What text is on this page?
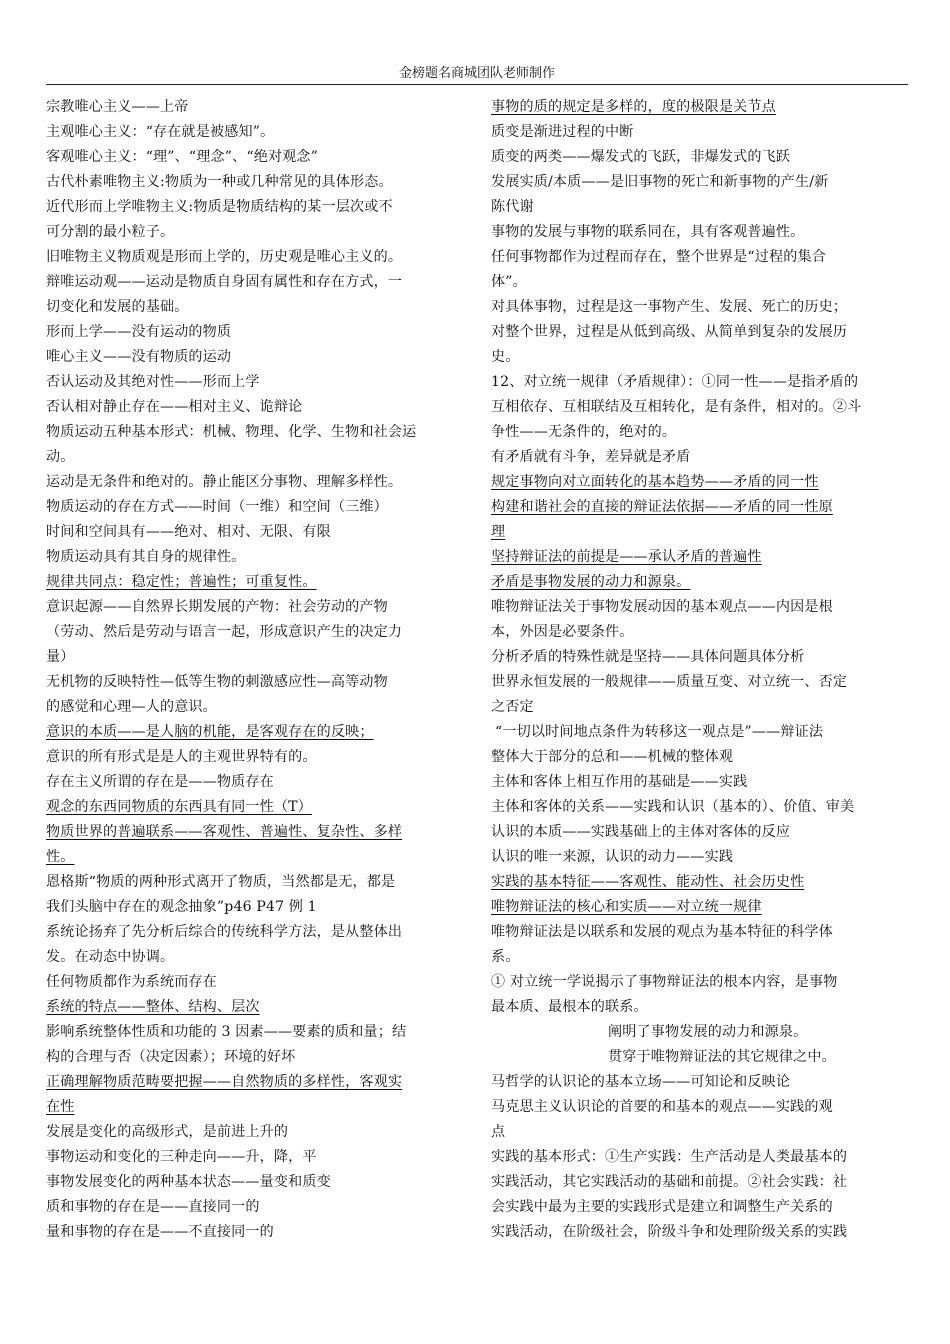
金榜题名商城团队老师制作
宗教唯心主义——上帝
主观唯心主义：“存在就是被感知”。
客观唯心主义：“理”、“理念”、“绝对观念”
古代朴素唯物主义:物质为一种或几种常见的具体形态。
近代形而上学唯物主义:物质是物质结构的某一层次或不
可分割的最小粒子。
旧唯物主义物质观是形而上学的，历史观是唯心主义的。
辩唯运动观——运动是物质自身固有属性和存在方式，一
切变化和发展的基础。
形而上学——没有运动的物质
唯心主义——没有物质的运动
否认运动及其绝对性——形而上学
否认相对静止存在——相对主义、诡辩论
物质运动五种基本形式：机械、物理、化学、生物和社会运
动。
运动是无条件和绝对的。静止能区分事物、理解多样性。
物质运动的存在方式——时间（一维）和空间（三维）
时间和空间具有——绝对、相对、无限、有限
物质运动具有其自身的规律性。
规律共同点：稳定性；普遍性；可重复性。
意识起源——自然界长期发展的产物：社会劳动的产物
（劳动、然后是劳动与语言一起，形成意识产生的决定力
量）
无机物的反映特性—低等生物的刺激感应性—高等动物
的感觉和心理—人的意识。
意识的本质——是人脑的机能，是客观存在的反映；
意识的所有形式是是人的主观世界特有的。
存在主义所谓的存在是——物质存在
观念的东西同物质的东西具有同一性（T）
物质世界的普遍联系——客观性、普遍性、复杂性、多样
性。
恩格斯“物质的两种形式离开了物质，当然都是无，都是
我们头脑中存在的观念抽象”p46 P47 例 1
系统论扬弃了先分析后综合的传统科学方法，是从整体出
发。在动态中协调。
任何物质都作为系统而存在
系统的特点——整体、结构、层次
影响系统整体性质和功能的 3 因素——要素的质和量；结
构的合理与否（决定因素）；环境的好坏
正确理解物质范畴要把握——自然物质的多样性，客观实
在性
发展是变化的高级形式，是前进上升的
事物运动和变化的三种走向——升，降，平
事物发展变化的两种基本状态——量变和质变
质和事物的存在是——直接同一的
量和事物的存在是——不直接同一的
事物的质的规定是多样的，度的极限是关节点
质变是渐进过程的中断
质变的两类——爆发式的飞跃，非爆发式的飞跃
发展实质/本质——是旧事物的死亡和新事物的产生/新
陈代谢
事物的发展与事物的联系同在，具有客观普遍性。
任何事物都作为过程而存在，整个世界是“过程的集合
体”。
对具体事物，过程是这一事物产生、发展、死亡的历史；
对整个世界，过程是从低到高级、从简单到复杂的发展历
史。
12、对立统一规律（矛盾规律）：①同一性——是指矛盾的
互相依存、互相联结及互相转化，是有条件，相对的。②斗
争性——无条件的，绝对的。
有矛盾就有斗争，差异就是矛盾
规定事物向对立面转化的基本趋势——矛盾的同一性
构建和谐社会的直接的辩证法依据——矛盾的同一性原
理
坚持辩证法的前提是——承认矛盾的普遍性
矛盾是事物发展的动力和源泉。
唯物辩证法关于事物发展动因的基本观点——内因是根
本，外因是必要条件。
分析矛盾的特殊性就是坚持——具体问题具体分析
世界永恒发展的一般规律——质量互变、对立统一、否定
之否定
“一切以时间地点条件为转移这一观点是”——辩证法
整体大于部分的总和——机械的整体观
主体和客体上相互作用的基础是——实践
主体和客体的关系——实践和认识（基本的）、价值、审美
认识的本质——实践基础上的主体对客体的反应
认识的唯一来源，认识的动力——实践
实践的基本特征——客观性、能动性、社会历史性
唯物辩证法的核心和实质——对立统一规律
唯物辩证法是以联系和发展的观点为基本特征的科学体
系。
① 对立统一学说揭示了事物辩证法的根本内容，是事物
最本质、最根本的联系。
阐明了事物发展的动力和源泉。
贯穿于唯物辩证法的其它规律之中。
马哲学的认识论的基本立场——可知论和反映论
马克思主义认识论的首要的和基本的观点——实践的观
点
实践的基本形式：①生产实践：生产活动是人类最基本的
实践活动，其它实践活动的基础和前提。②社会实践：社
会实践中最为主要的实践形式是建立和调整生产关系的
实践活动，在阶级社会，阶级斗争和处理阶级关系的实践
